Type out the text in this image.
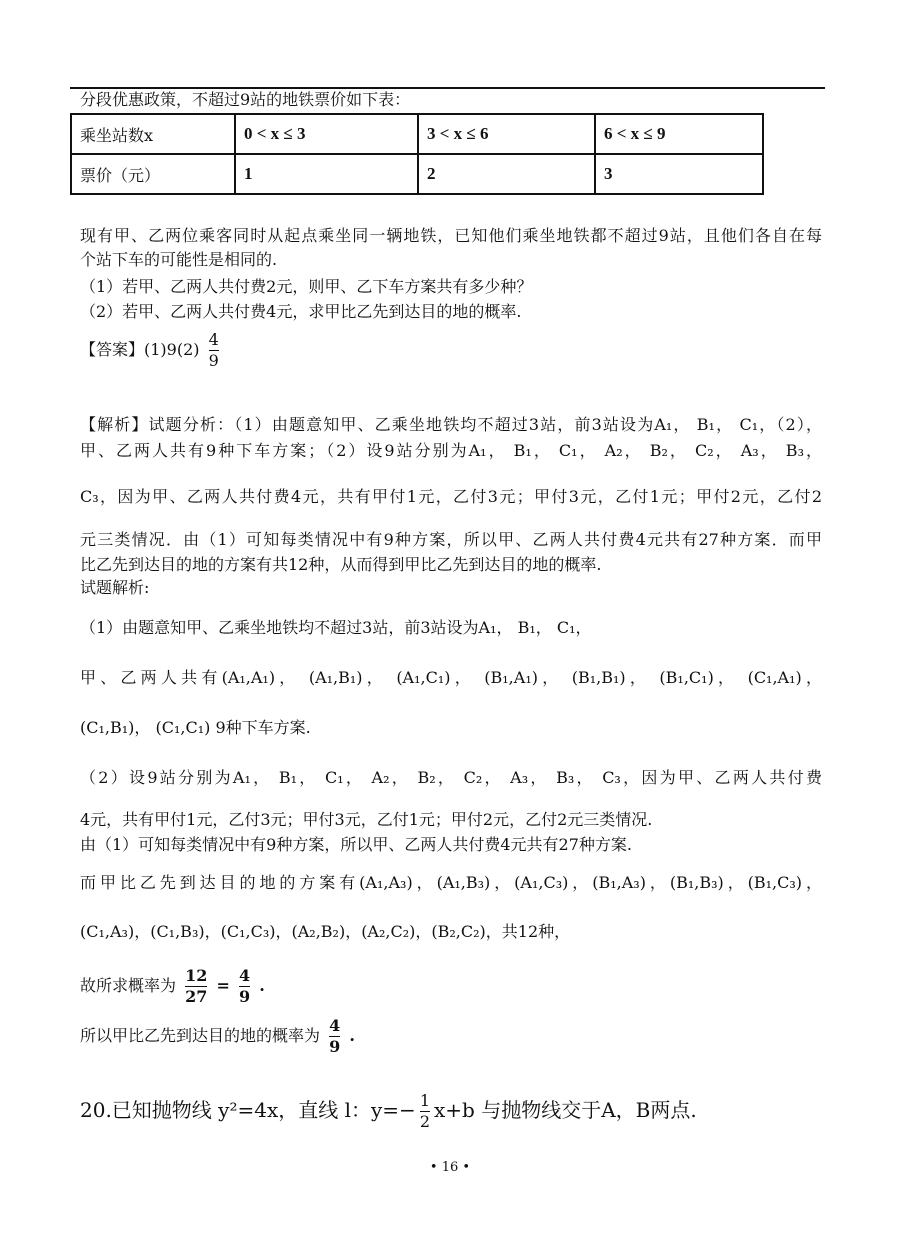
分段优惠政策，不超过9站的地铁票价如下表：
乘坐站数x	0 < x ≤ 3	3 < x ≤ 6	6 < x ≤ 9
票价（元）	1	2	3
现有甲、乙两位乘客同时从起点乘坐同一辆地铁，已知他们乘坐地铁都不超过9站，且他们各自在每
个站下车的可能性是相同的.
（1）若甲、乙两人共付费2元，则甲、乙下车方案共有多少种？
（2）若甲、乙两人共付费4元，求甲比乙先到达目的地的概率.
【答案】$(1)9(2) \frac{4}{9}$
【解析】试题分析：（1）由题意知甲、乙乘坐地铁均不超过3站，前3站设为A₁， B₁， C₁，（2），
甲、乙两人共有9种下车方案；（2）设9站分别为A₁， B₁， C₁， A₂， B₂， C₂， A₃， B₃，
C₃，因为甲、乙两人共付费4元，共有甲付1元，乙付3元；甲付3元，乙付1元；甲付2元，乙付2
元三类情况．由（1）可知每类情况中有9种方案，所以甲、乙两人共付费4元共有27种方案．而甲
比乙先到达目的地的方案有共12种，从而得到甲比乙先到达目的地的概率.
试题解析:
（1）由题意知甲、乙乘坐地铁均不超过3站，前3站设为A₁， B₁， C₁，
甲、乙两人共有(A₁,A₁)， (A₁,B₁)， (A₁,C₁)， (B₁,A₁)， (B₁,B₁)， (B₁,C₁)， (C₁,A₁)，
(C₁,B₁)， (C₁,C₁) 9种下车方案.
（2）设9站分别为A₁， B₁， C₁， A₂， B₂， C₂， A₃， B₃， C₃，因为甲、乙两人共付费
4元，共有甲付1元，乙付3元；甲付3元，乙付1元；甲付2元，乙付2元三类情况.
由（1）可知每类情况中有9种方案，所以甲、乙两人共付费4元共有27种方案.
而甲比乙先到达目的地的方案有(A₁,A₃)，(A₁,B₃)，(A₁,C₃)，(B₁,A₃)，(B₁,B₃)，(B₁,C₃)，
(C₁,A₃)，(C₁,B₃)，(C₁,C₃)，(A₂,B₂)，(A₂,C₂)，(B₂,C₂)，共12种，
故所求概率为 $\frac{12}{27} = \frac{4}{9}$ .
所以甲比乙先到达目的地的概率为 $\frac{4}{9}$ .
20.已知抛物线 y²=4x，直线 l：$y=- \frac{1}{2} x+b$ 与抛物线交于A，B两点.
• 16 •
